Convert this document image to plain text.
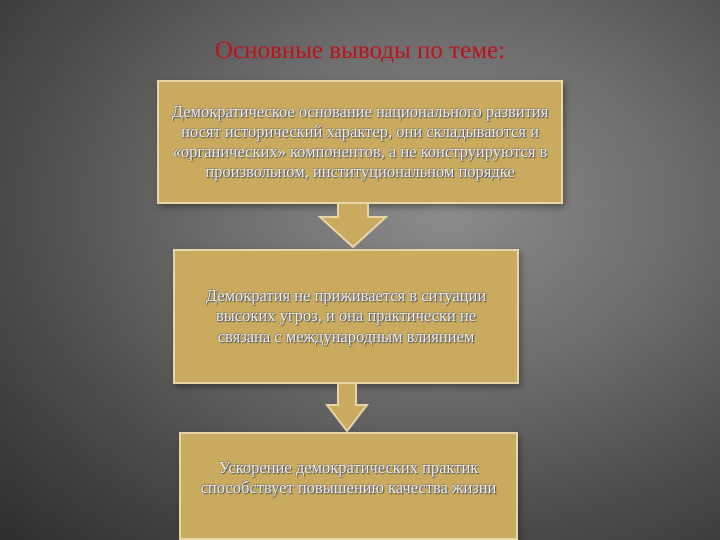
Основные выводы по теме:
Демократическое основание национального развития носят исторический характер, они складываются и «органических» компонентов, а не конструируются в произвольном, институциональном порядке
Демократия не приживается в ситуации высоких угроз, и она практически не связана с международным влиянием
Ускорение демократических практик способствует повышению качества жизни
